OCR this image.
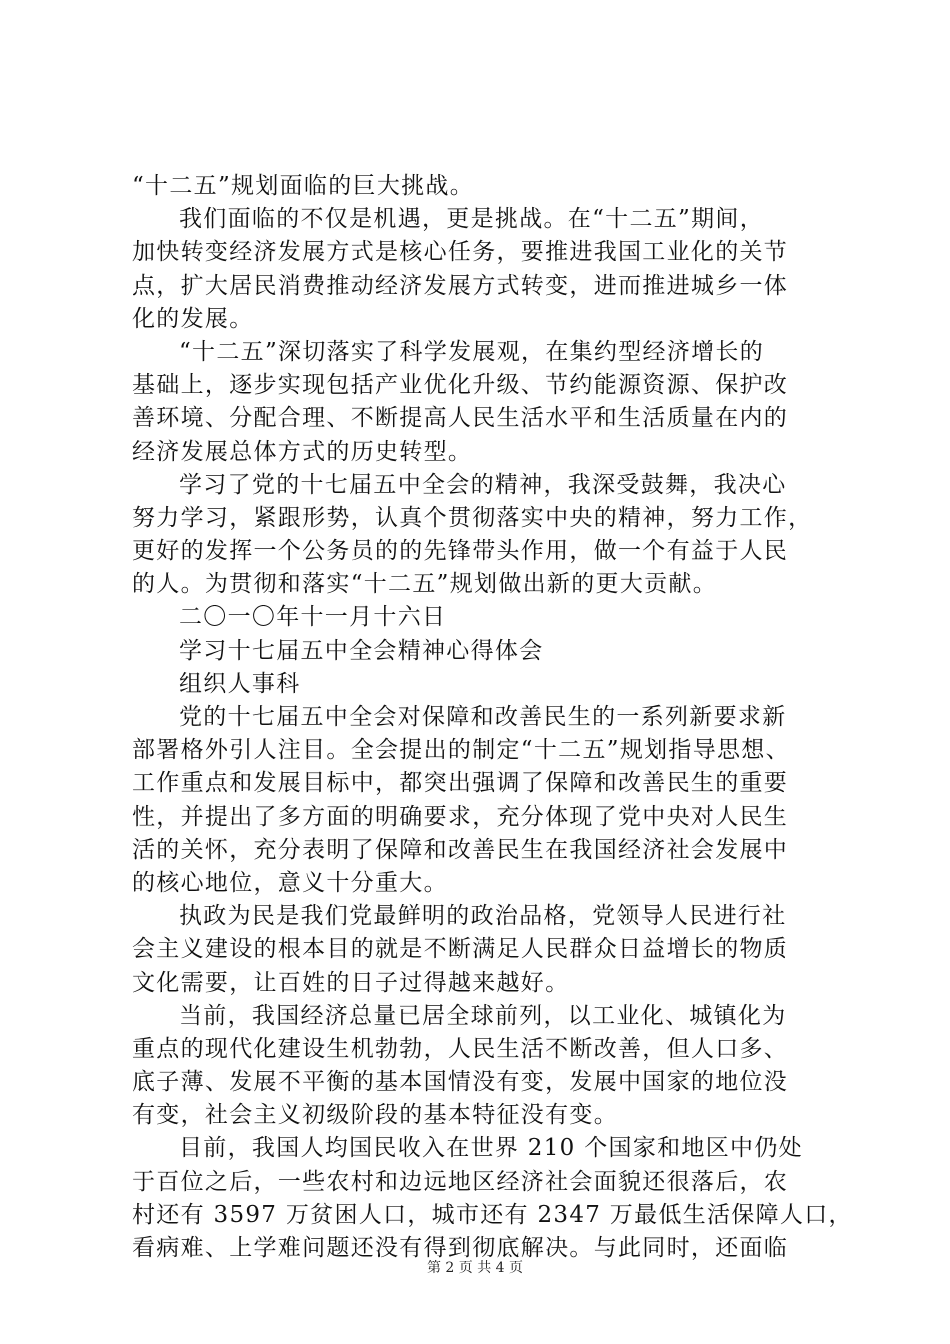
“十二五”规划面临的巨大挑战。
我们面临的不仅是机遇，更是挑战。在“十二五”期间，
加快转变经济发展方式是核心任务，要推进我国工业化的关节
点，扩大居民消费推动经济发展方式转变，进而推进城乡一体
化的发展。
“十二五”深切落实了科学发展观，在集约型经济增长的
基础上，逐步实现包括产业优化升级、节约能源资源、保护改
善环境、分配合理、不断提高人民生活水平和生活质量在内的
经济发展总体方式的历史转型。
学习了党的十七届五中全会的精神，我深受鼓舞，我决心
努力学习，紧跟形势，认真个贯彻落实中央的精神，努力工作，
更好的发挥一个公务员的的先锋带头作用，做一个有益于人民
的人。为贯彻和落实“十二五”规划做出新的更大贡献。
二〇一〇年十一月十六日
学习十七届五中全会精神心得体会
组织人事科
党的十七届五中全会对保障和改善民生的一系列新要求新
部署格外引人注目。全会提出的制定“十二五”规划指导思想、
工作重点和发展目标中，都突出强调了保障和改善民生的重要
性，并提出了多方面的明确要求，充分体现了党中央对人民生
活的关怀，充分表明了保障和改善民生在我国经济社会发展中
的核心地位，意义十分重大。
执政为民是我们党最鲜明的政治品格，党领导人民进行社
会主义建设的根本目的就是不断满足人民群众日益增长的物质
文化需要，让百姓的日子过得越来越好。
当前，我国经济总量已居全球前列，以工业化、城镇化为
重点的现代化建设生机勃勃，人民生活不断改善，但人口多、
底子薄、发展不平衡的基本国情没有变，发展中国家的地位没
有变，社会主义初级阶段的基本特征没有变。
目前，我国人均国民收入在世界 210 个国家和地区中仍处
于百位之后，一些农村和边远地区经济社会面貌还很落后，农
村还有 3597 万贫困人口，城市还有 2347 万最低生活保障人口，
看病难、上学难问题还没有得到彻底解决。与此同时，还面临
第 2 页 共 4 页
